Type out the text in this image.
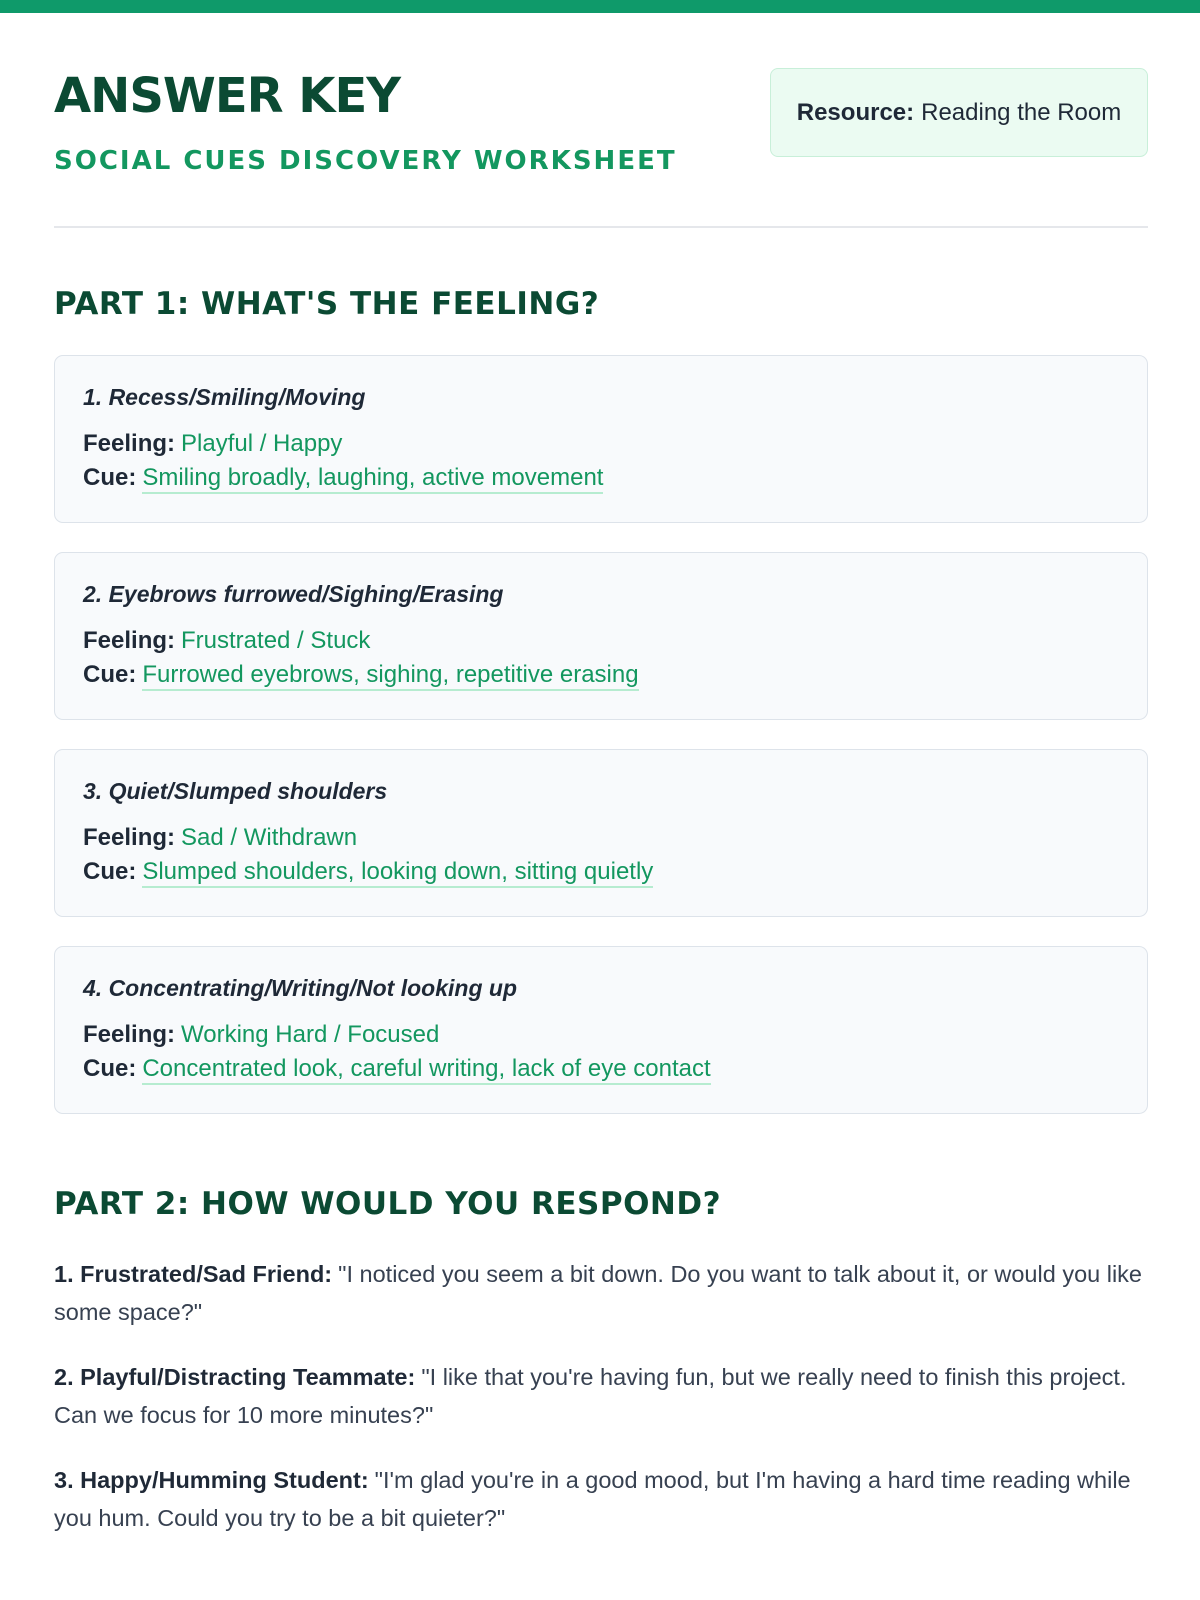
ANSWER KEY
SOCIAL CUES DISCOVERY WORKSHEET
Resource: Reading the Room
PART 1: WHAT'S THE FEELING?
1. Recess/Smiling/Moving
Feeling: Playful / Happy
Cue: Smiling broadly, laughing, active movement
2. Eyebrows furrowed/Sighing/Erasing
Feeling: Frustrated / Stuck
Cue: Furrowed eyebrows, sighing, repetitive erasing
3. Quiet/Slumped shoulders
Feeling: Sad / Withdrawn
Cue: Slumped shoulders, looking down, sitting quietly
4. Concentrating/Writing/Not looking up
Feeling: Working Hard / Focused
Cue: Concentrated look, careful writing, lack of eye contact
PART 2: HOW WOULD YOU RESPOND?
1. Frustrated/Sad Friend: "I noticed you seem a bit down. Do you want to talk about it, or would you like some space?"
2. Playful/Distracting Teammate: "I like that you're having fun, but we really need to finish this project. Can we focus for 10 more minutes?"
3. Happy/Humming Student: "I'm glad you're in a good mood, but I'm having a hard time reading while you hum. Could you try to be a bit quieter?"
